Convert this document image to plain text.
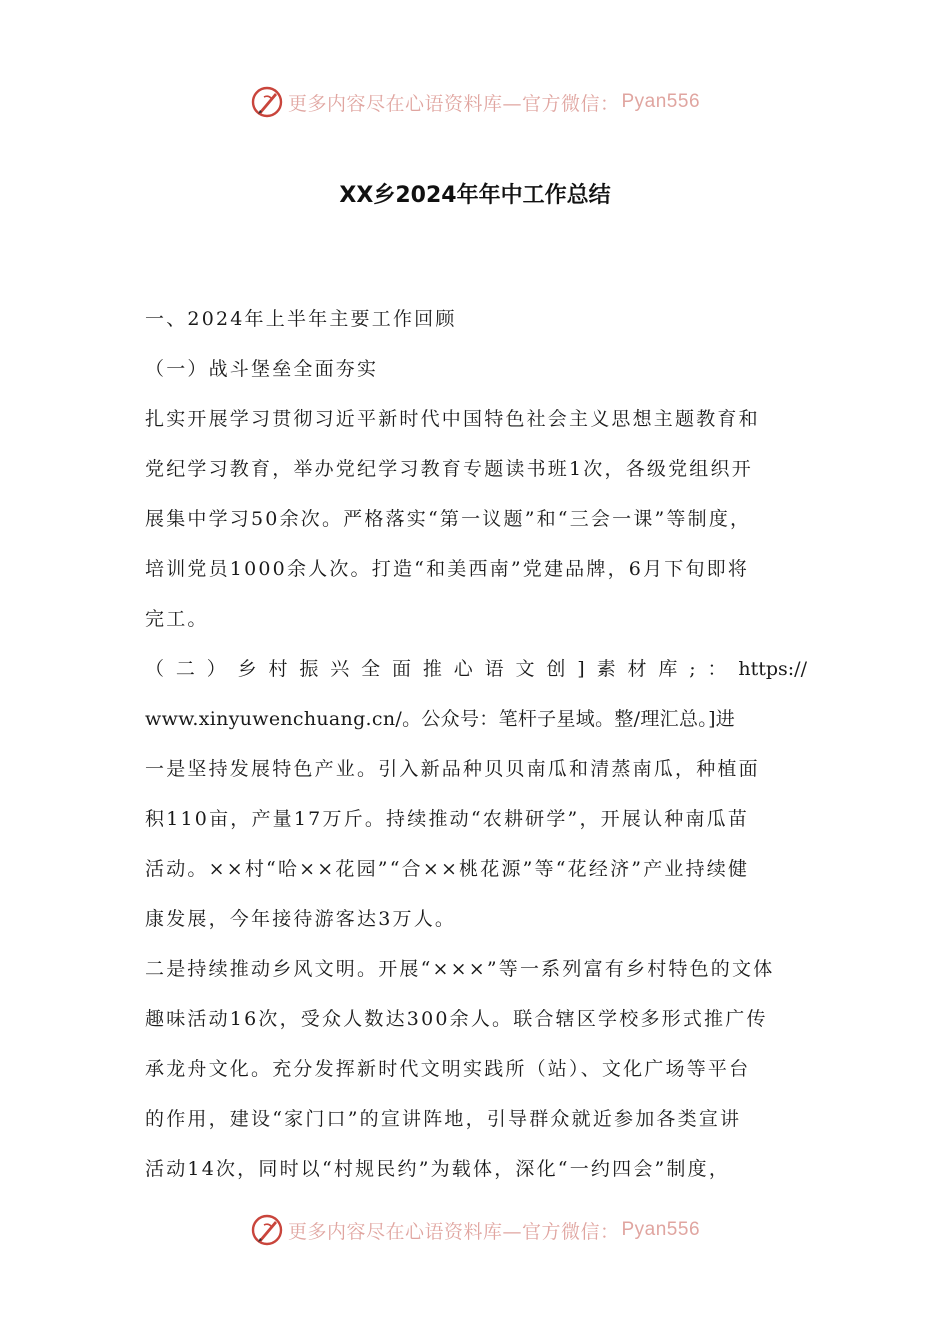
更多内容尽在心语资料库—官方微信： Pyan556
XX乡2024年年中工作总结

一、2024年上半年主要工作回顾

（一）战斗堡垒全面夯实

扎实开展学习贯彻习近平新时代中国特色社会主义思想主题教育和

党纪学习教育，举办党纪学习教育专题读书班1次，各级党组织开

展集中学习50余次。严格落实“第一议题”和“三会一课”等制度，

培训党员1000余人次。打造“和美西南”党建品牌，6月下旬即将

完工。

（二）乡村振兴全面推心语文创]素材库;：https://

www.xinyuwenchuang.cn/。公众号：笔杆子星域。整/理汇总。]进

一是坚持发展特色产业。引入新品种贝贝南瓜和清蒸南瓜，种植面

积110亩，产量17万斤。持续推动“农耕研学”，开展认种南瓜苗

活动。××村“哈××花园”“合××桃花源”等“花经济”产业持续健

康发展，今年接待游客达3万人。

二是持续推动乡风文明。开展“×××”等一系列富有乡村特色的文体

趣味活动16次，受众人数达300余人。联合辖区学校多形式推广传

承龙舟文化。充分发挥新时代文明实践所（站）、文化广场等平台

的作用，建设“家门口”的宣讲阵地，引导群众就近参加各类宣讲

活动14次，同时以“村规民约”为载体，深化“一约四会”制度，

更多内容尽在心语资料库—官方微信： Pyan556
